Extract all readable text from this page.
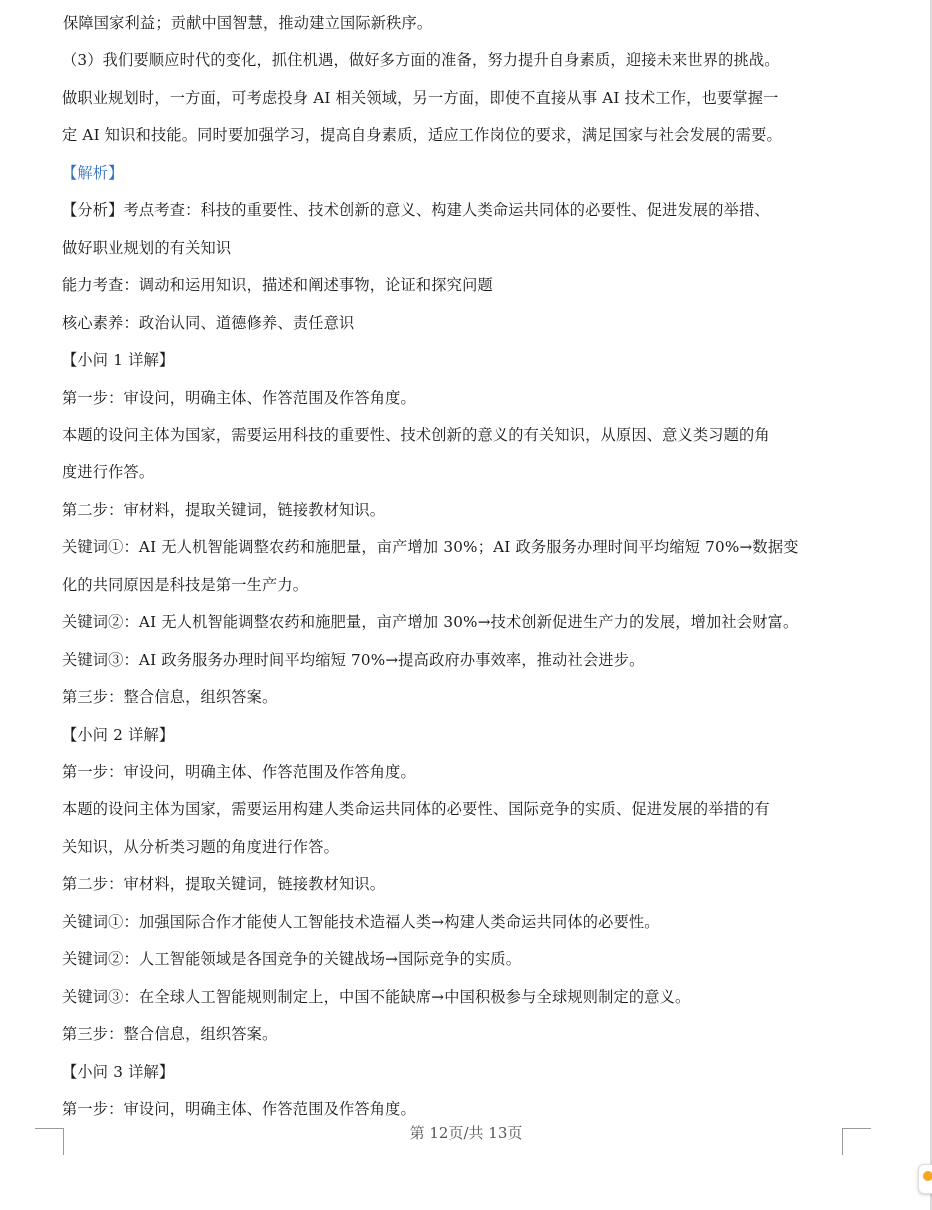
保障国家利益；贡献中国智慧，推动建立国际新秩序。
（3）我们要顺应时代的变化，抓住机遇，做好多方面的准备，努力提升自身素质，迎接未来世界的挑战。
做职业规划时，一方面，可考虑投身 AI 相关领域，另一方面，即使不直接从事 AI 技术工作，也要掌握一
定 AI 知识和技能。同时要加强学习，提高自身素质，适应工作岗位的要求，满足国家与社会发展的需要。
【解析】
【分析】考点考查：科技的重要性、技术创新的意义、构建人类命运共同体的必要性、促进发展的举措、
做好职业规划的有关知识
能力考查：调动和运用知识，描述和阐述事物，论证和探究问题
核心素养：政治认同、道德修养、责任意识
【小问 1 详解】
第一步：审设问，明确主体、作答范围及作答角度。
本题的设问主体为国家，需要运用科技的重要性、技术创新的意义的有关知识，从原因、意义类习题的角
度进行作答。
第二步：审材料，提取关键词，链接教材知识。
关键词①：AI 无人机智能调整农药和施肥量，亩产增加 30%；AI 政务服务办理时间平均缩短 70%→数据变
化的共同原因是科技是第一生产力。
关键词②：AI 无人机智能调整农药和施肥量，亩产增加 30%→技术创新促进生产力的发展，增加社会财富。
关键词③：AI 政务服务办理时间平均缩短 70%→提高政府办事效率，推动社会进步。
第三步：整合信息，组织答案。
【小问 2 详解】
第一步：审设问，明确主体、作答范围及作答角度。
本题的设问主体为国家，需要运用构建人类命运共同体的必要性、国际竞争的实质、促进发展的举措的有
关知识，从分析类习题的角度进行作答。
第二步：审材料，提取关键词，链接教材知识。
关键词①：加强国际合作才能使人工智能技术造福人类→构建人类命运共同体的必要性。
关键词②：人工智能领域是各国竞争的关键战场→国际竞争的实质。
关键词③：在全球人工智能规则制定上，中国不能缺席→中国积极参与全球规则制定的意义。
第三步：整合信息，组织答案。
【小问 3 详解】
第一步：审设问，明确主体、作答范围及作答角度。
第 12页/共 13页
